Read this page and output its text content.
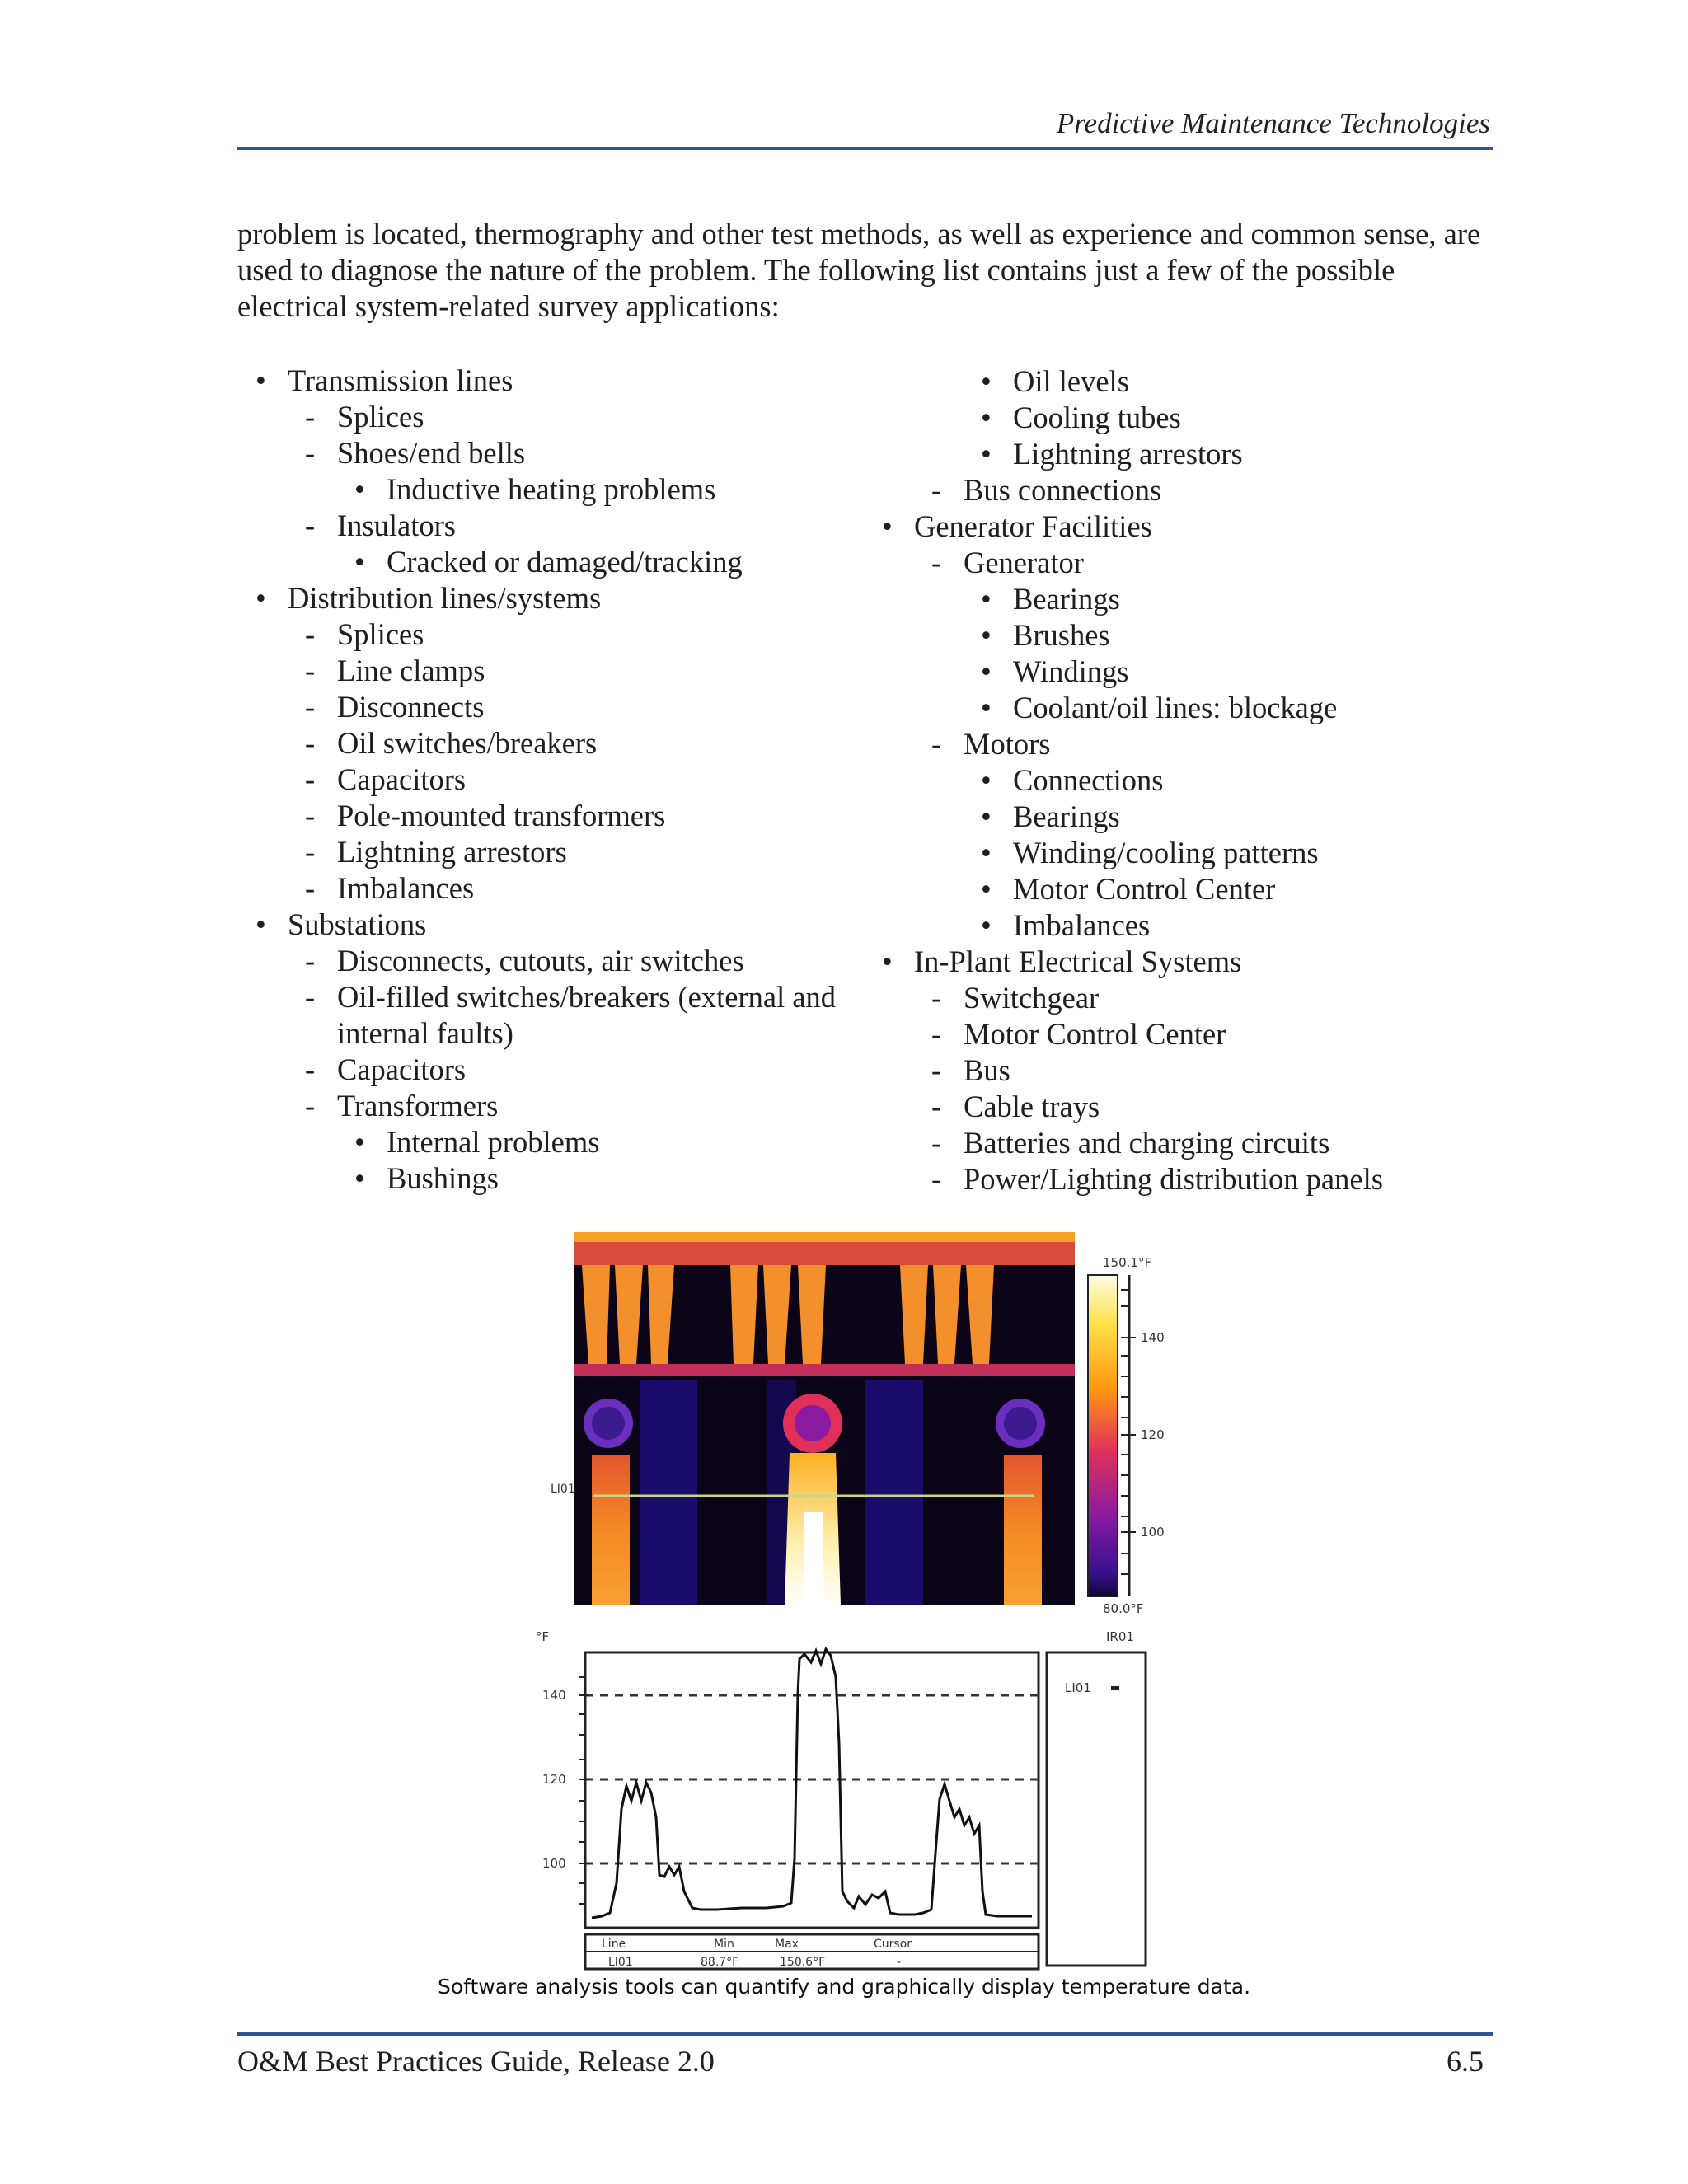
Predictive Maintenance Technologies

problem is located, thermography and other test methods, as well as experience and common sense, are used to diagnose the nature of the problem. The following list contains just a few of the possible electrical system-related survey applications:

• Transmission lines
- Splices
- Shoes/end bells
• Inductive heating problems
- Insulators
• Cracked or damaged/tracking
• Distribution lines/systems
- Splices
- Line clamps
- Disconnects
- Oil switches/breakers
- Capacitors
- Pole-mounted transformers
- Lightning arrestors
- Imbalances
• Substations
- Disconnects, cutouts, air switches
- Oil-filled switches/breakers (external and internal faults)
- Capacitors
- Transformers
• Internal problems
• Bushings
• Oil levels
• Cooling tubes
• Lightning arrestors
- Bus connections
• Generator Facilities
- Generator
• Bearings
• Brushes
• Windings
• Coolant/oil lines: blockage
- Motors
• Connections
• Bearings
• Winding/cooling patterns
• Motor Control Center
• Imbalances
• In-Plant Electrical Systems
- Switchgear
- Motor Control Center
- Bus
- Cable trays
- Batteries and charging circuits
- Power/Lighting distribution panels
LI01
150.1°F
140
120
100
80.0°F
°F	IR01
LI01
140
120
100
Line	Min	Max	Cursor
LI01	88.7°F	150.6°F	-
Software analysis tools can quantify and graphically display temperature data.
O&M Best Practices Guide, Release 2.0	6.5
